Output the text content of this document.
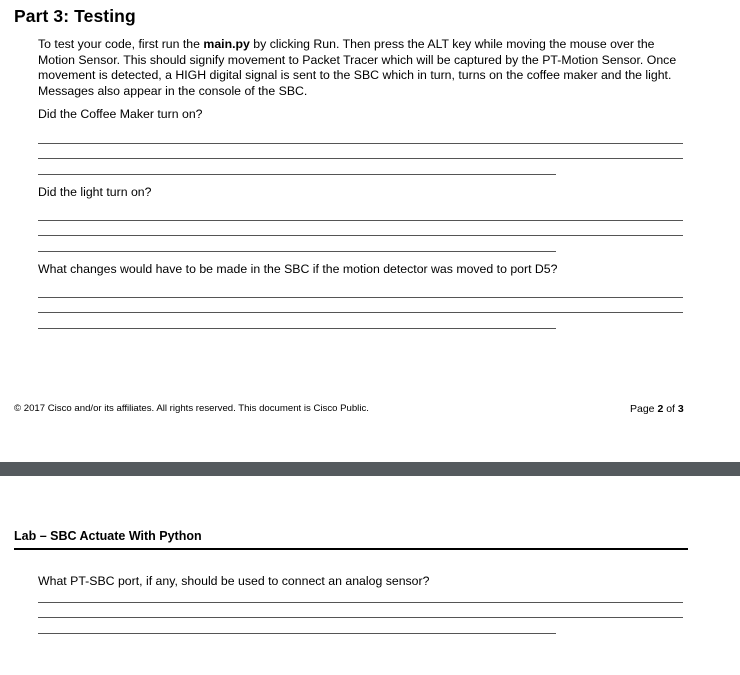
Part 3: Testing
To test your code, first run the main.py by clicking Run. Then press the ALT key while moving the mouse over the Motion Sensor. This should signify movement to Packet Tracer which will be captured by the PT-Motion Sensor. Once movement is detected, a HIGH digital signal is sent to the SBC which in turn, turns on the coffee maker and the light. Messages also appear in the console of the SBC.
Did the Coffee Maker turn on?
Did the light turn on?
What changes would have to be made in the SBC if the motion detector was moved to port D5?
© 2017 Cisco and/or its affiliates. All rights reserved. This document is Cisco Public.	Page 2 of 3
Lab – SBC Actuate With Python
What PT-SBC port, if any, should be used to connect an analog sensor?
